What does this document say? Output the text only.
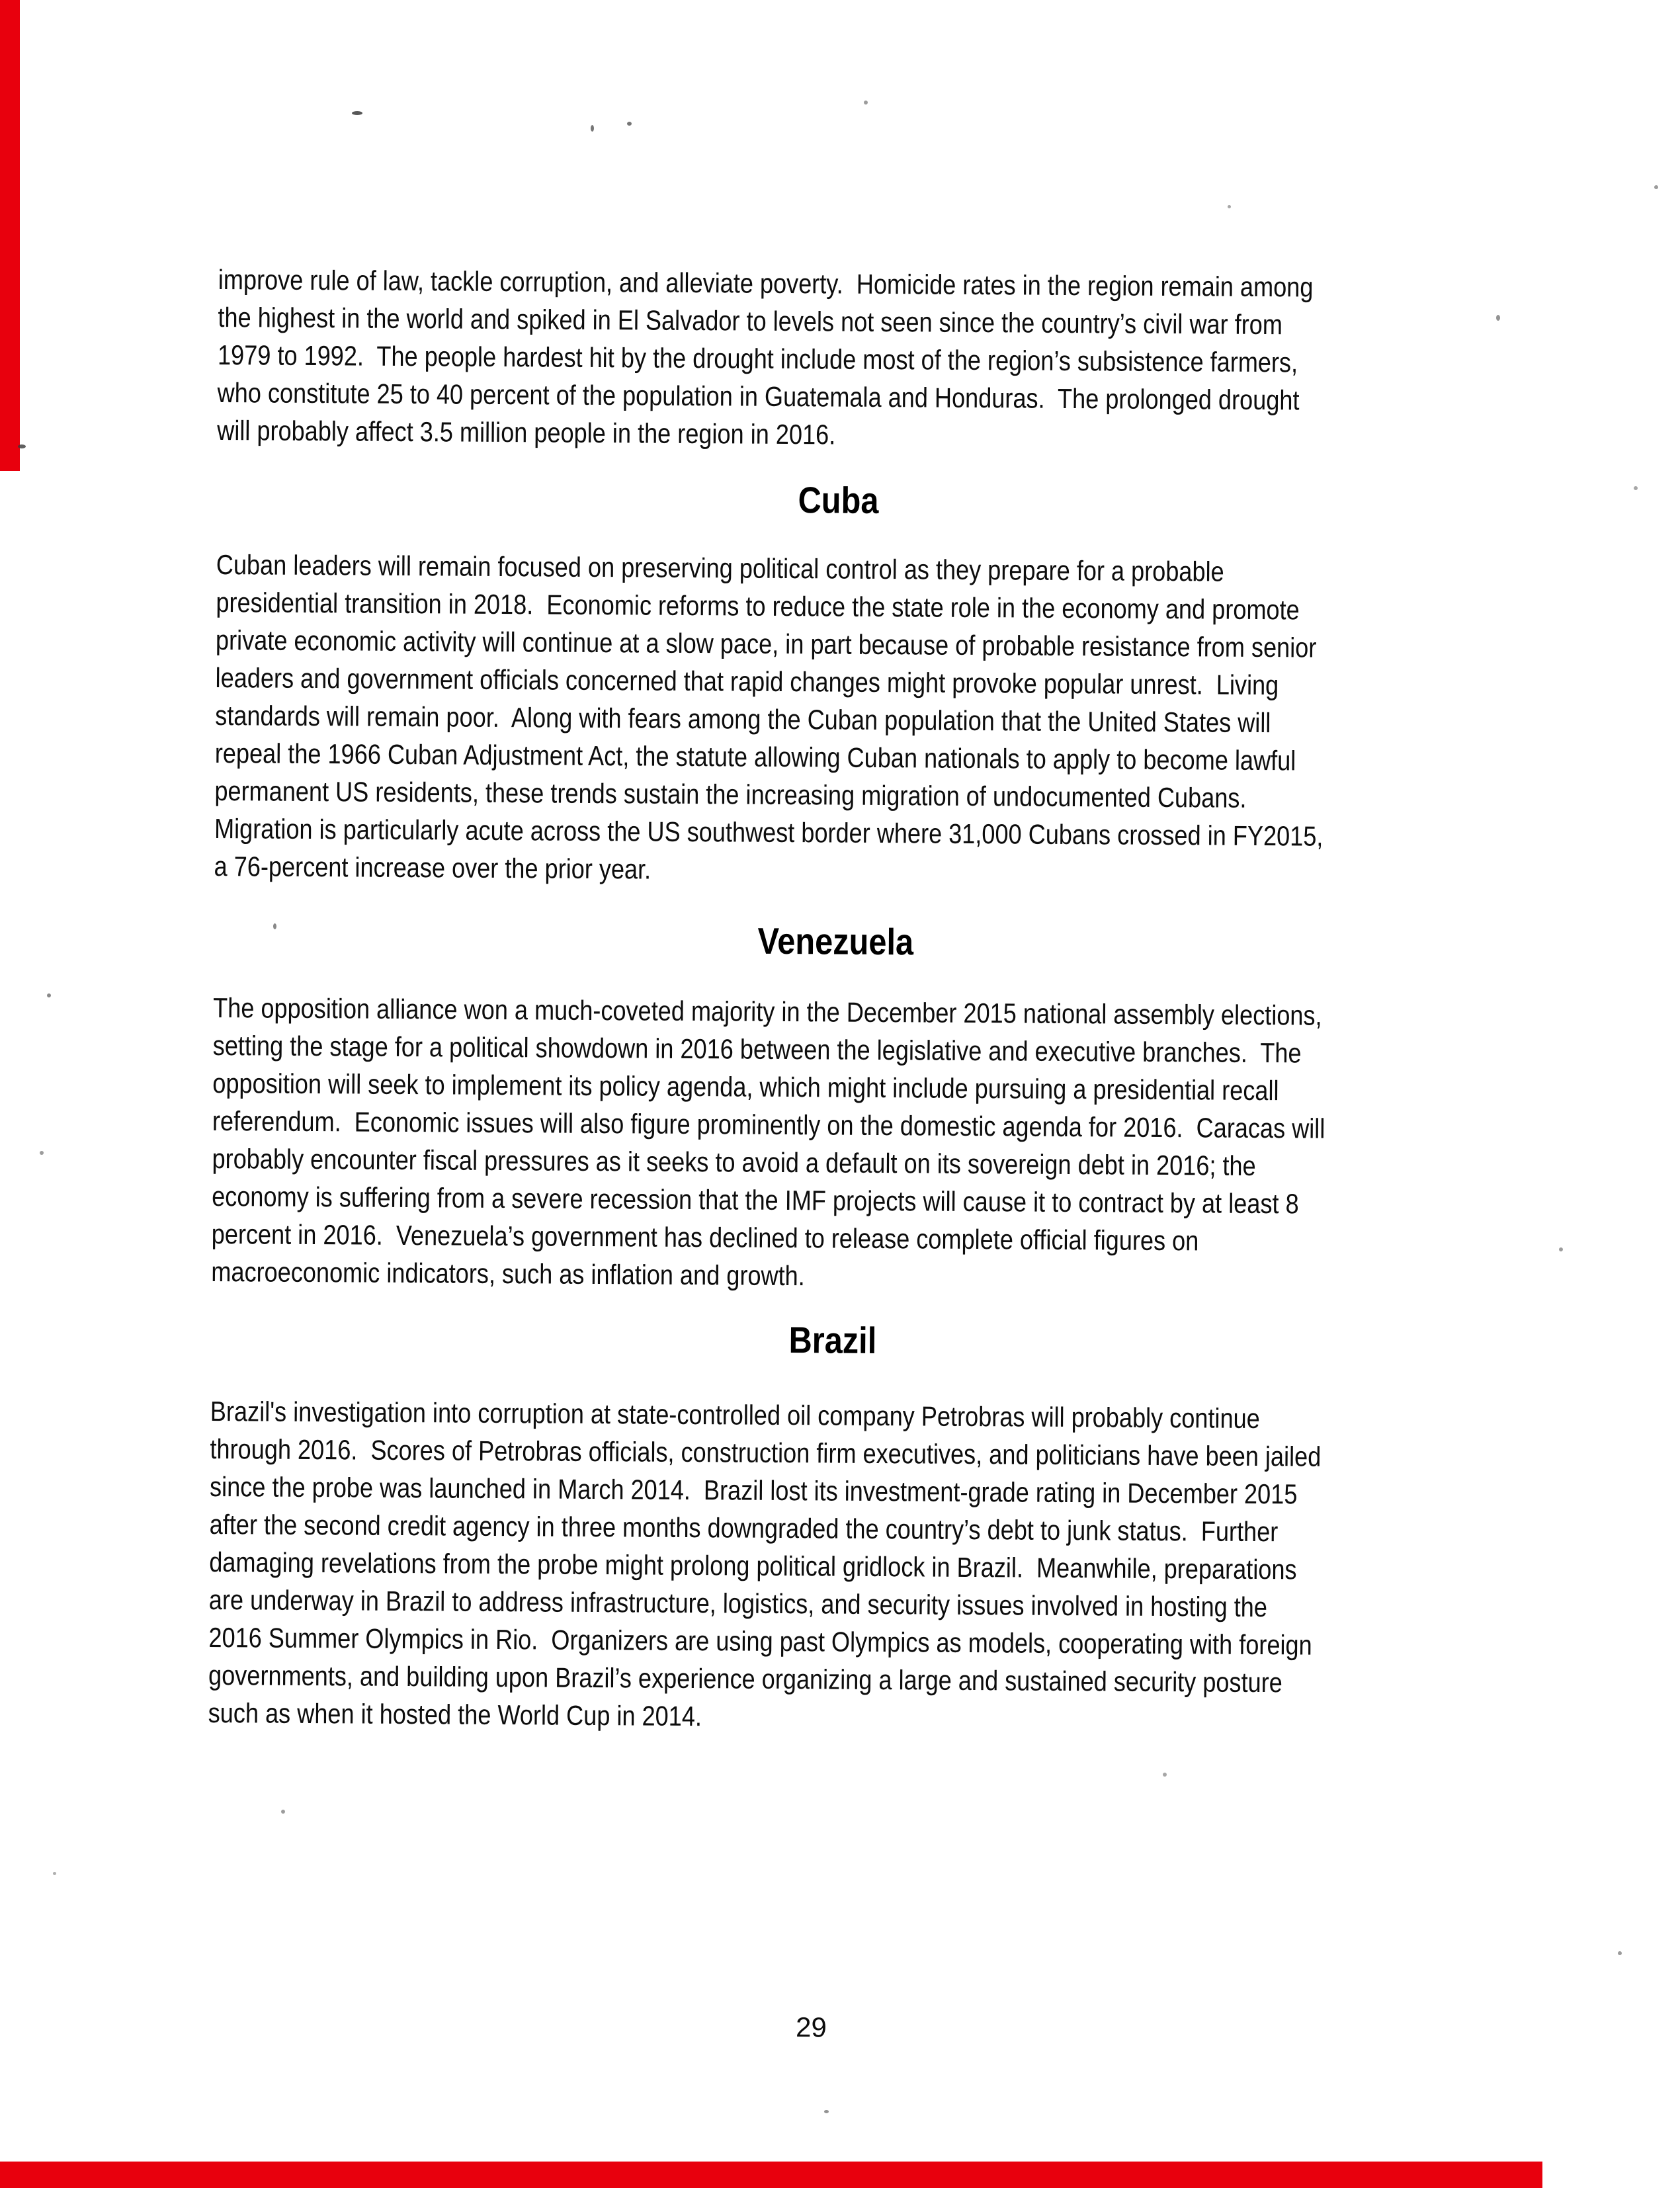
improve rule of law, tackle corruption, and alleviate poverty.  Homicide rates in the region remain among
the highest in the world and spiked in El Salvador to levels not seen since the country’s civil war from
1979 to 1992.  The people hardest hit by the drought include most of the region’s subsistence farmers,
who constitute 25 to 40 percent of the population in Guatemala and Honduras.  The prolonged drought
will probably affect 3.5 million people in the region in 2016.
Cuba
Cuban leaders will remain focused on preserving political control as they prepare for a probable
presidential transition in 2018.  Economic reforms to reduce the state role in the economy and promote
private economic activity will continue at a slow pace, in part because of probable resistance from senior
leaders and government officials concerned that rapid changes might provoke popular unrest.  Living
standards will remain poor.  Along with fears among the Cuban population that the United States will
repeal the 1966 Cuban Adjustment Act, the statute allowing Cuban nationals to apply to become lawful
permanent US residents, these trends sustain the increasing migration of undocumented Cubans.
Migration is particularly acute across the US southwest border where 31,000 Cubans crossed in FY2015,
a 76-percent increase over the prior year.
Venezuela
The opposition alliance won a much-coveted majority in the December 2015 national assembly elections,
setting the stage for a political showdown in 2016 between the legislative and executive branches.  The
opposition will seek to implement its policy agenda, which might include pursuing a presidential recall
referendum.  Economic issues will also figure prominently on the domestic agenda for 2016.  Caracas will
probably encounter fiscal pressures as it seeks to avoid a default on its sovereign debt in 2016; the
economy is suffering from a severe recession that the IMF projects will cause it to contract by at least 8
percent in 2016.  Venezuela’s government has declined to release complete official figures on
macroeconomic indicators, such as inflation and growth.
Brazil
Brazil's investigation into corruption at state-controlled oil company Petrobras will probably continue
through 2016.  Scores of Petrobras officials, construction firm executives, and politicians have been jailed
since the probe was launched in March 2014.  Brazil lost its investment-grade rating in December 2015
after the second credit agency in three months downgraded the country’s debt to junk status.  Further
damaging revelations from the probe might prolong political gridlock in Brazil.  Meanwhile, preparations
are underway in Brazil to address infrastructure, logistics, and security issues involved in hosting the
2016 Summer Olympics in Rio.  Organizers are using past Olympics as models, cooperating with foreign
governments, and building upon Brazil’s experience organizing a large and sustained security posture
such as when it hosted the World Cup in 2014.
29
